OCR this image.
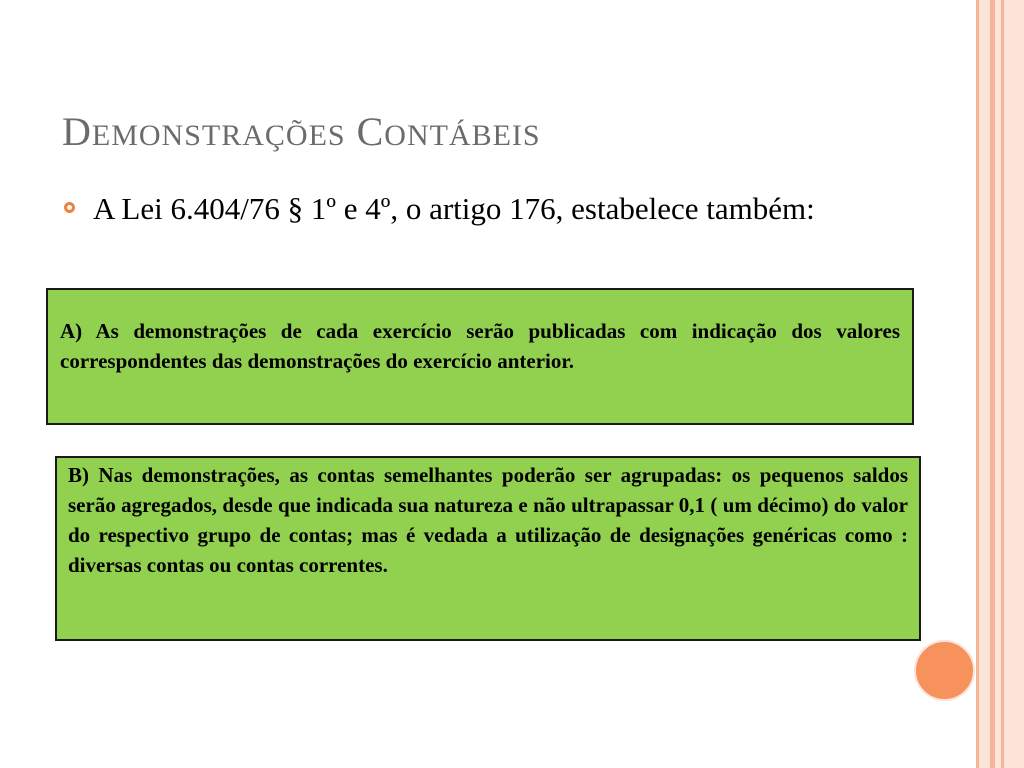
DEMONSTRAÇÕES CONTÁBEIS
A Lei 6.404/76 § 1º e 4º, o artigo 176, estabelece também:
A) As demonstrações de cada exercício serão publicadas com indicação dos valores correspondentes das demonstrações do exercício anterior.
B) Nas demonstrações, as contas semelhantes poderão ser agrupadas: os pequenos saldos serão agregados, desde que indicada sua natureza e não ultrapassar 0,1 ( um décimo) do valor do respectivo grupo de contas; mas é vedada a utilização de designações genéricas como : diversas contas ou contas correntes.
